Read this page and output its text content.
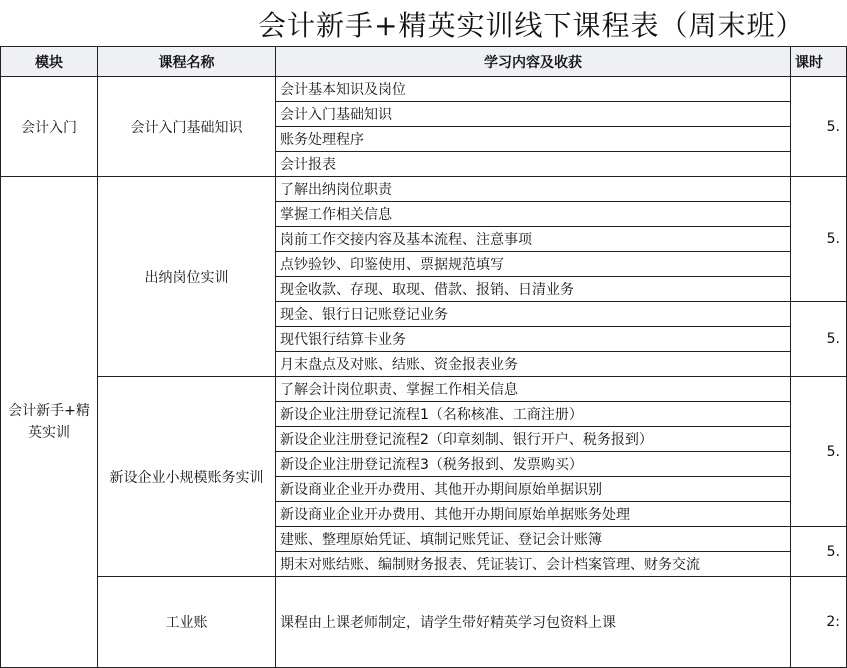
会计新手+精英实训线下课程表（周末班）
模块	课程名称	学习内容及收获	课时
会计入门	会计入门基础知识	会计基本知识及岗位	5.
		会计入门基础知识	
		账务处理程序	
		会计报表	
会计新手+精英实训	出纳岗位实训	了解出纳岗位职责	5.
		掌握工作相关信息	
		岗前工作交接内容及基本流程、注意事项	
		点钞验钞、印鉴使用、票据规范填写	
		现金收款、存现、取现、借款、报销、日清业务	
		现金、银行日记账登记业务	5.
		现代银行结算卡业务	
		月末盘点及对账、结账、资金报表业务	
	新设企业小规模账务实训	了解会计岗位职责、掌握工作相关信息	5.
		新设企业注册登记流程1（名称核准、工商注册）	
		新设企业注册登记流程2（印章刻制、银行开户、税务报到）	
		新设企业注册登记流程3（税务报到、发票购买）	
		新设商业企业开办费用、其他开办期间原始单据识别	
		新设商业企业开办费用、其他开办期间原始单据账务处理	
		建账、整理原始凭证、填制记账凭证、登记会计账簿	5.
		期末对账结账、编制财务报表、凭证装订、会计档案管理、财务交流	
	工业账	课程由上课老师制定，请学生带好精英学习包资料上课	2:
